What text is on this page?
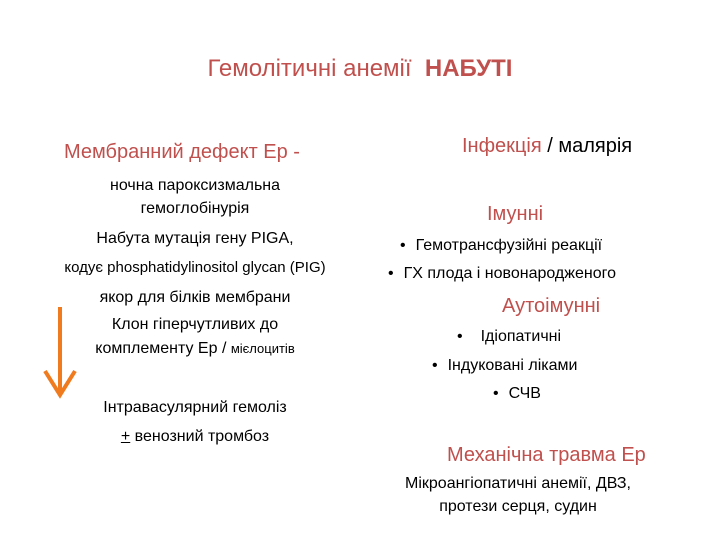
Гемолітичні анемії НАБУТІ
Мембранний дефект Ер -
ночна пароксизмальна
гемоглобінурія
Набута мутація гену PIGA,
кодує phosphatidylinositol glycan (PIG)
якор для білків мембрани
Клон гіперчутливих до
комплементу Ер / мієлоцитів
Інтравасулярний гемоліз
+ венозний тромбоз
Інфекція / малярія
Імунні
• Гемотрансфузійні реакції
• ГХ плода і новонародженого
Аутоімунні
• Ідіопатичні
• Індуковані ліками
• СЧВ
Механічна травма Ер
Мікроангіопатичні анемії, ДВЗ,
протези серця, судин
